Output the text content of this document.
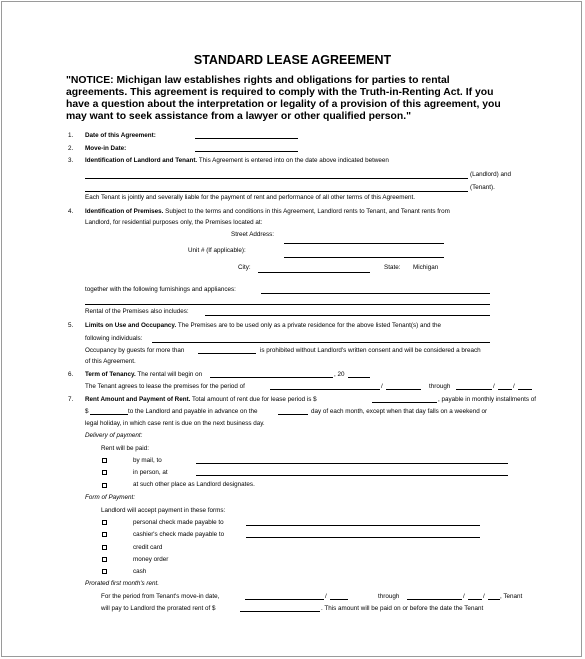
STANDARD LEASE AGREEMENT
"NOTICE: Michigan law establishes rights and obligations for parties to rental
agreements. This agreement is required to comply with the Truth-in-Renting Act. If you
have a question about the interpretation or legality of a provision of this agreement, you
may want to seek assistance from a lawyer or other qualified person."
1. Date of this Agreement:
2. Move-in Date:
3. Identification of Landlord and Tenant. This Agreement is entered into on the date above indicated between
(Landlord) and
(Tenant).
Each Tenant is jointly and severally liable for the payment of rent and performance of all other terms of this Agreement.
4. Identification of Premises. Subject to the terms and conditions in this Agreement, Landlord rents to Tenant, and Tenant rents from
Landlord, for residential purposes only, the Premises located at:
Street Address:
Unit # (If applicable):
City:	State: Michigan
together with the following furnishings and appliances:
Rental of the Premises also includes:
5. Limits on Use and Occupancy. The Premises are to be used only as a private residence for the above listed Tenant(s) and the
following individuals:
Occupancy by guests for more than	is prohibited without Landlord's written consent and will be considered a breach
of this Agreement.
6. Term of Tenancy. The rental will begin on	, 20
The Tenant agrees to lease the premises for the period of	/	through	/	/
7. Rent Amount and Payment of Rent. Total amount of rent due for lease period is $	, payable in monthly installments of
$	to the Landlord and payable in advance on the	day of each month, except when that day falls on a weekend or
legal holiday, in which case rent is due on the next business day.
Delivery of payment:
Rent will be paid:
by mail, to
in person, at
at such other place as Landlord designates.
Form of Payment:
Landlord will accept payment in these forms:
personal check made payable to
cashier's check made payable to
credit card
money order
cash
Prorated first month's rent.
For the period from Tenant's move-in date,	/	through	/	/ , Tenant
will pay to Landlord the prorated rent of $	. This amount will be paid on or before the date the Tenant
